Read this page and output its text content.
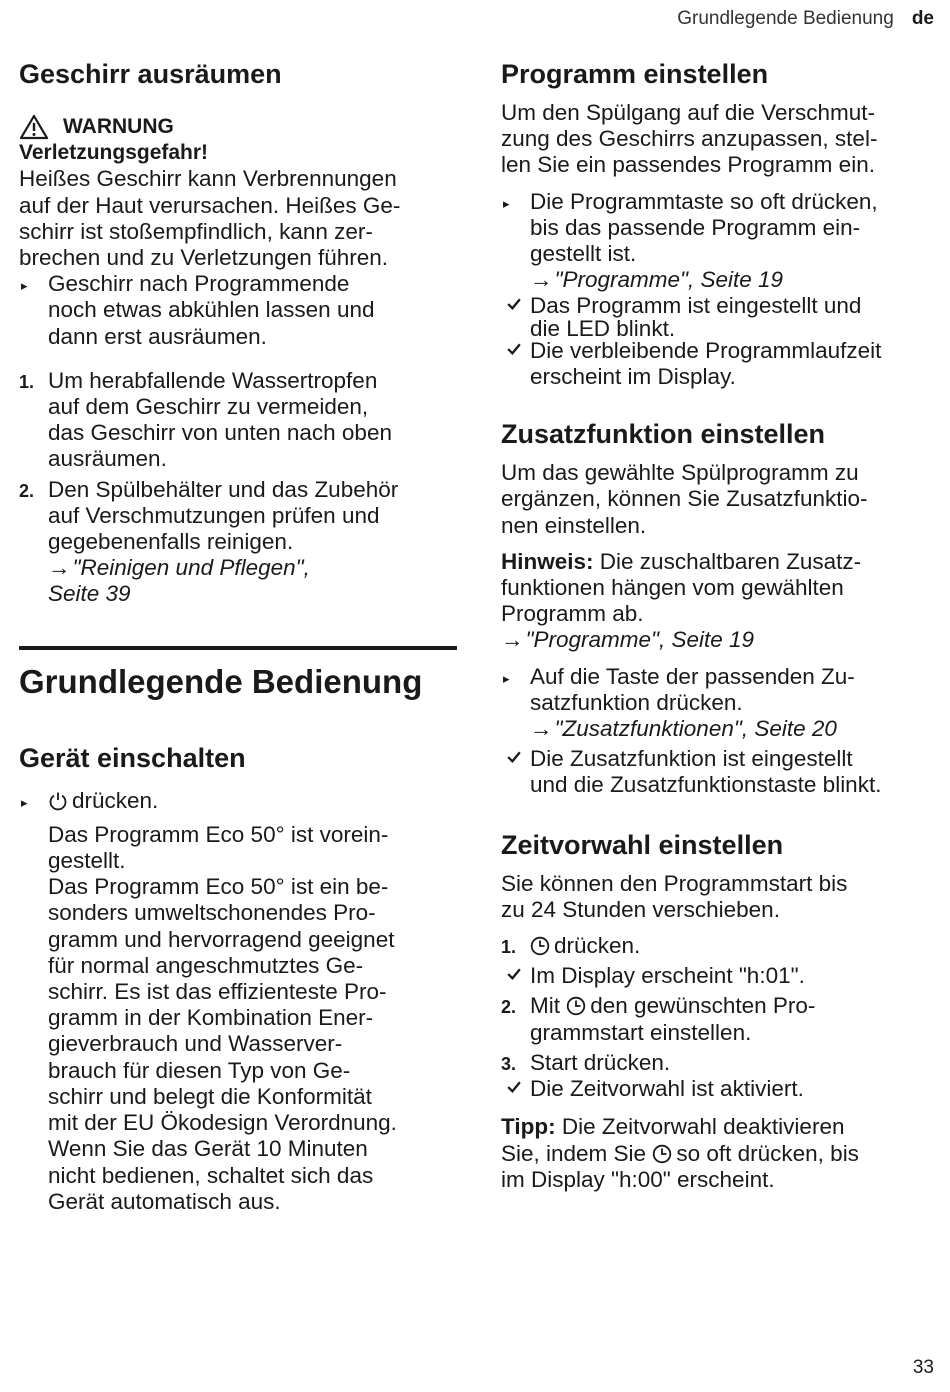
Grundlegende Bedienung de
Geschirr ausräumen
WARNUNG

Verletzungsgefahr!

Heißes Geschirr kann Verbrennungen

auf der Haut verursachen. Heißes Ge-

schirr ist stoßempfindlich, kann zer-

brechen und zu Verletzungen führen.

▸ Geschirr nach Programmende

noch etwas abkühlen lassen und

dann erst ausräumen.

1. Um herabfallende Wassertropfen

auf dem Geschirr zu vermeiden,

das Geschirr von unten nach oben

ausräumen.

2. Den Spülbehälter und das Zubehör

auf Verschmutzungen prüfen und

gegebenenfalls reinigen.

→"Reinigen und Pflegen",

Seite 39

Grundlegende Bedienung
Gerät einschalten
▸	drücken.

Das Programm Eco 50° ist vorein-

gestellt.

Das Programm Eco 50° ist ein be-

sonders umweltschonendes Pro-

gramm und hervorragend geeignet

für normal angeschmutztes Ge-

schirr. Es ist das effizienteste Pro-

gramm in der Kombination Ener-

gieverbrauch und Wasserver-

brauch für diesen Typ von Ge-

schirr und belegt die Konformität

mit der EU Ökodesign Verordnung.

Wenn Sie das Gerät 10 Minuten

nicht bedienen, schaltet sich das

Gerät automatisch aus.

Programm einstellen

Um den Spülgang auf die Verschmut-

zung des Geschirrs anzupassen, stel-

len Sie ein passendes Programm ein.

▸ Die Programmtaste so oft drücken,

bis das passende Programm ein-

gestellt ist.

→"Programme", Seite 19

Das Programm ist eingestellt und

die LED blinkt.

Die verbleibende Programmlaufzeit

erscheint im Display.

Zusatzfunktion einstellen

Um das gewählte Spülprogramm zu

ergänzen, können Sie Zusatzfunktio-

nen einstellen.

Hinweis: Die zuschaltbaren Zusatz-

funktionen hängen vom gewählten

Programm ab.

→"Programme", Seite 19

▸ Auf die Taste der passenden Zu-

satzfunktion drücken.

→"Zusatzfunktionen", Seite 20

Die Zusatzfunktion ist eingestellt

und die Zusatzfunktionstaste blinkt.

Zeitvorwahl einstellen

Sie können den Programmstart bis

zu 24 Stunden verschieben.

1.	drücken.

Im Display erscheint "h:01".

2. Mit den gewünschten Pro-

grammstart einstellen.

3. Start drücken.

Die Zeitvorwahl ist aktiviert.

Tipp: Die Zeitvorwahl deaktivieren

Sie, indem Sie so oft drücken, bis

im Display "h:00" erscheint.

33
